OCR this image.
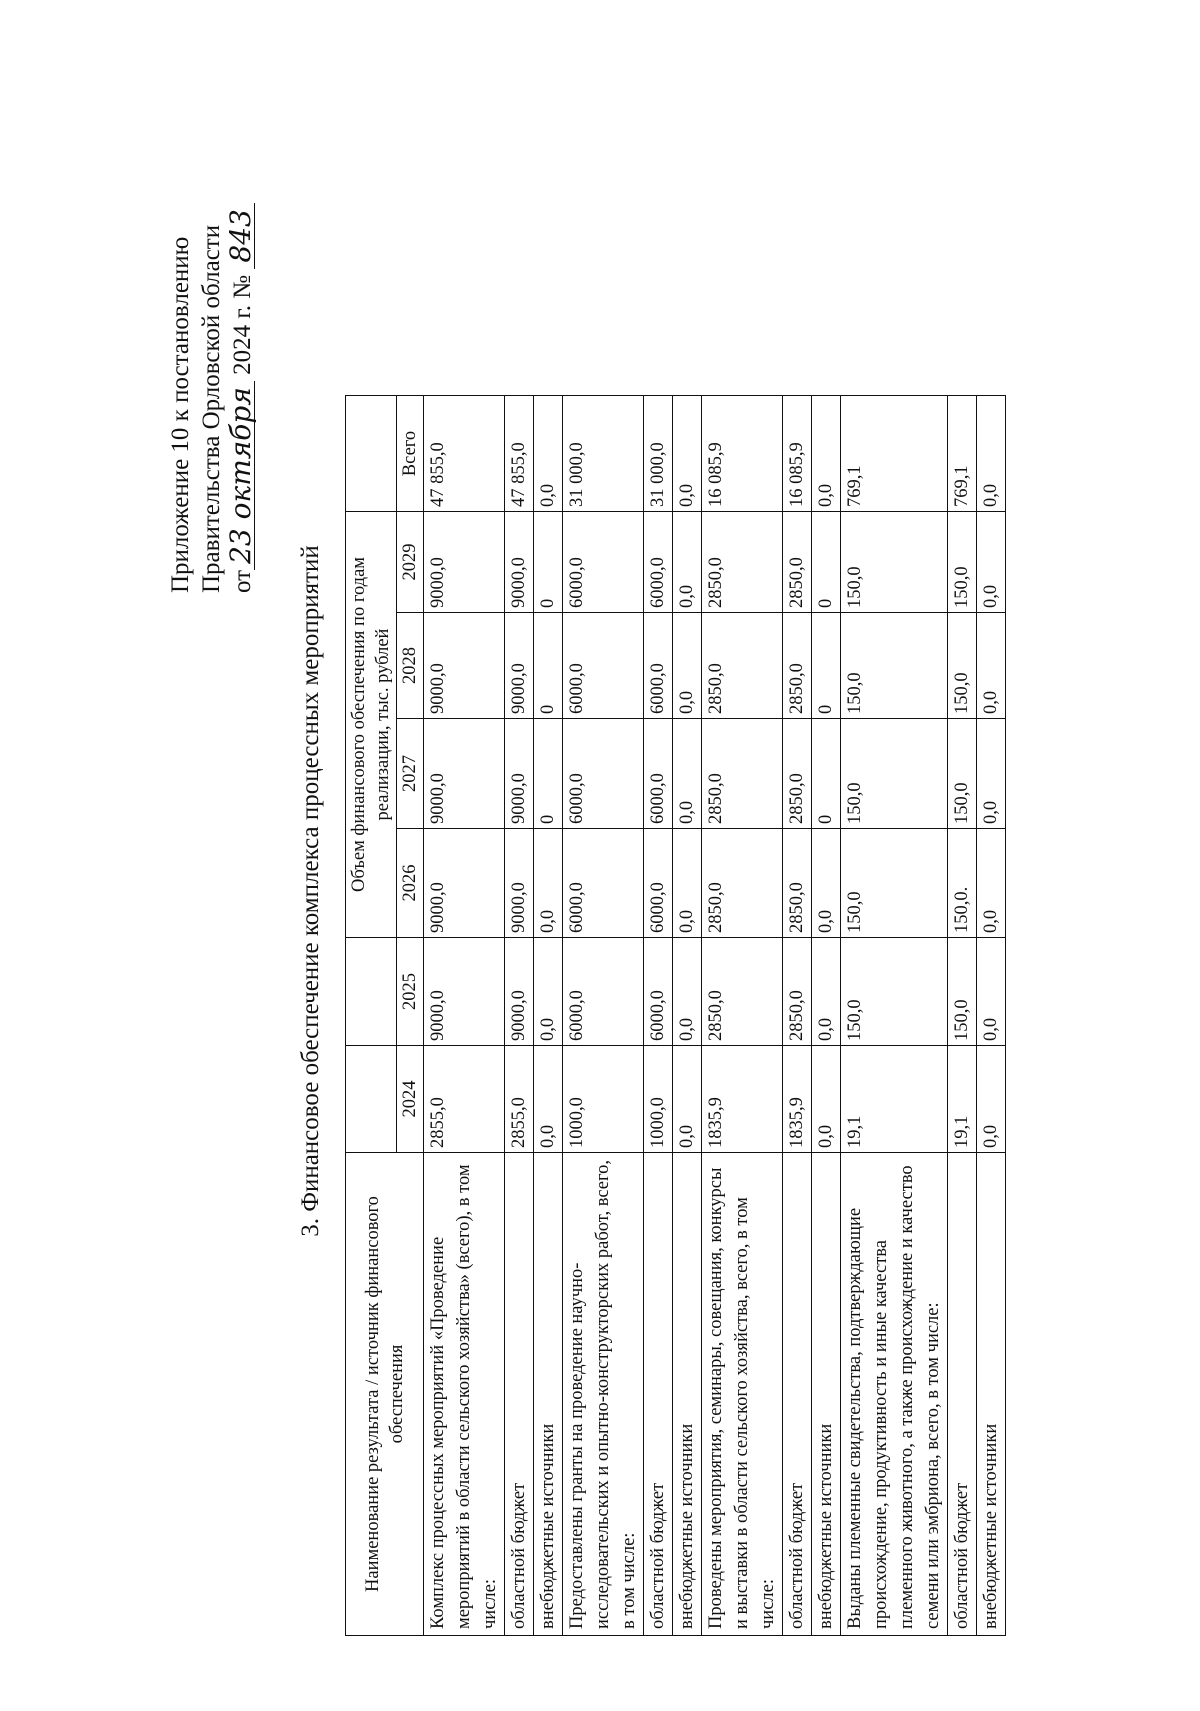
Приложение 10 к постановлению Правительства Орловской области от23 октября 2024 г. № 843
3. Финансовое обеспечение комплекса процессных мероприятий
Наименование результата / источник финансового обеспечения			Объем финансового обеспечения по годам реализации, тыс. рублей				
	2024	2025	2026	2027	2028	2029	Всего
Комплекс процессных мероприятий «Проведение мероприятий в области сельского хозяйства» (всего), в том числе:	2855,0	9000,0	9000,0	9000,0	9000,0	9000,0	47 855,0
областной бюджет	2855,0	9000,0	9000,0	9000,0	9000,0	9000,0	47 855,0
внебюджетные источники	0,0	0,0	0,0	0	0	0	0,0
Предоставлены гранты на проведение научно-исследовательских и опытно-конструкторских работ, всего, в том числе:	1000,0	6000,0	6000,0	6000,0	6000,0	6000,0	31 000,0
областной бюджет	1000,0	6000,0	6000,0	6000,0	6000,0	6000,0	31 000,0
внебюджетные источники	0,0	0,0	0,0	0,0	0,0	0,0	0,0
Проведены мероприятия, семинары, совещания, конкурсы и выставки в области сельского хозяйства, всего, в том числе:	1835,9	2850,0	2850,0	2850,0	2850,0	2850,0	16 085,9
областной бюджет	1835,9	2850,0	2850,0	2850,0	2850,0	2850,0	16 085,9
внебюджетные источники	0,0	0,0	0,0	0	0	0	0,0
Выданы племенные свидетельства, подтверждающие происхождение, продуктивность и иные качества племенного животного, а также происхождение и качество семени или эмбриона, всего, в том числе:	19,1	150,0	150,0	150,0	150,0	150,0	769,1
областной бюджет	19,1	150,0	150,0.	150,0	150,0	150,0	769,1
внебюджетные источники	0,0	0,0	0,0	0,0	0,0	0,0	0,0
